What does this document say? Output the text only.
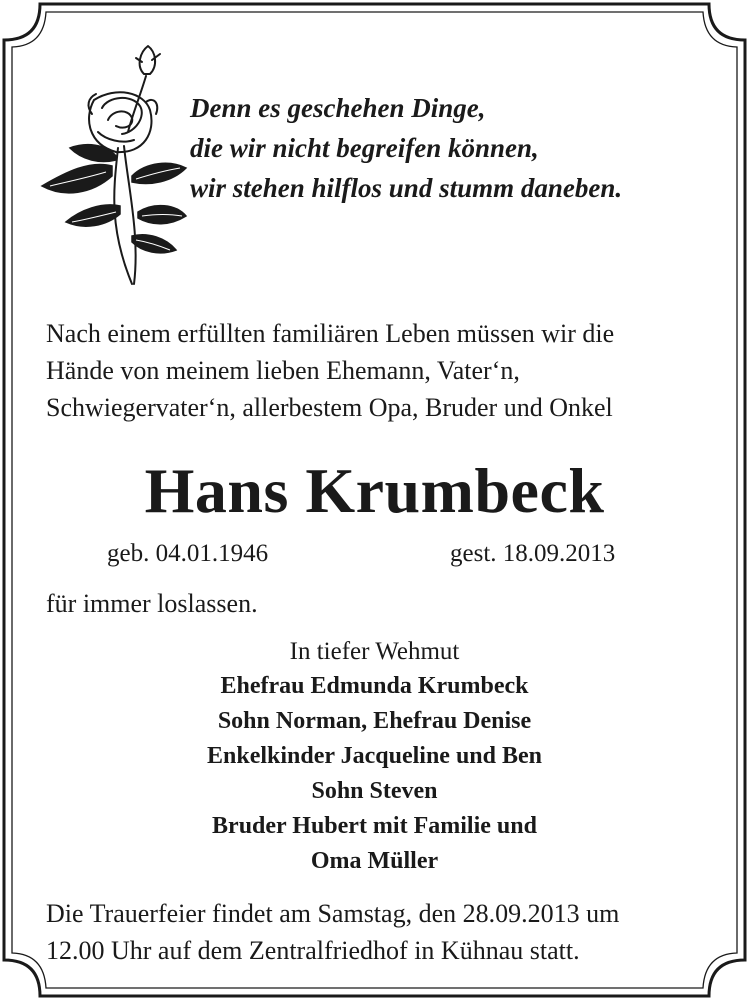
Denn es geschehen Dinge,
die wir nicht begreifen können,
wir stehen hilflos und stumm daneben.
Nach einem erfüllten familiären Leben müssen wir die
Hände von meinem lieben Ehemann, Vater‘n,
Schwiegervater‘n, allerbestem Opa, Bruder und Onkel
Hans Krumbeck
geb. 04.01.1946	gest. 18.09.2013
für immer loslassen.
In tiefer Wehmut
Ehefrau Edmunda Krumbeck
Sohn Norman, Ehefrau Denise
Enkelkinder Jacqueline und Ben
Sohn Steven
Bruder Hubert mit Familie und
Oma Müller
Die Trauerfeier findet am Samstag, den 28.09.2013 um
12.00 Uhr auf dem Zentralfriedhof in Kühnau statt.
